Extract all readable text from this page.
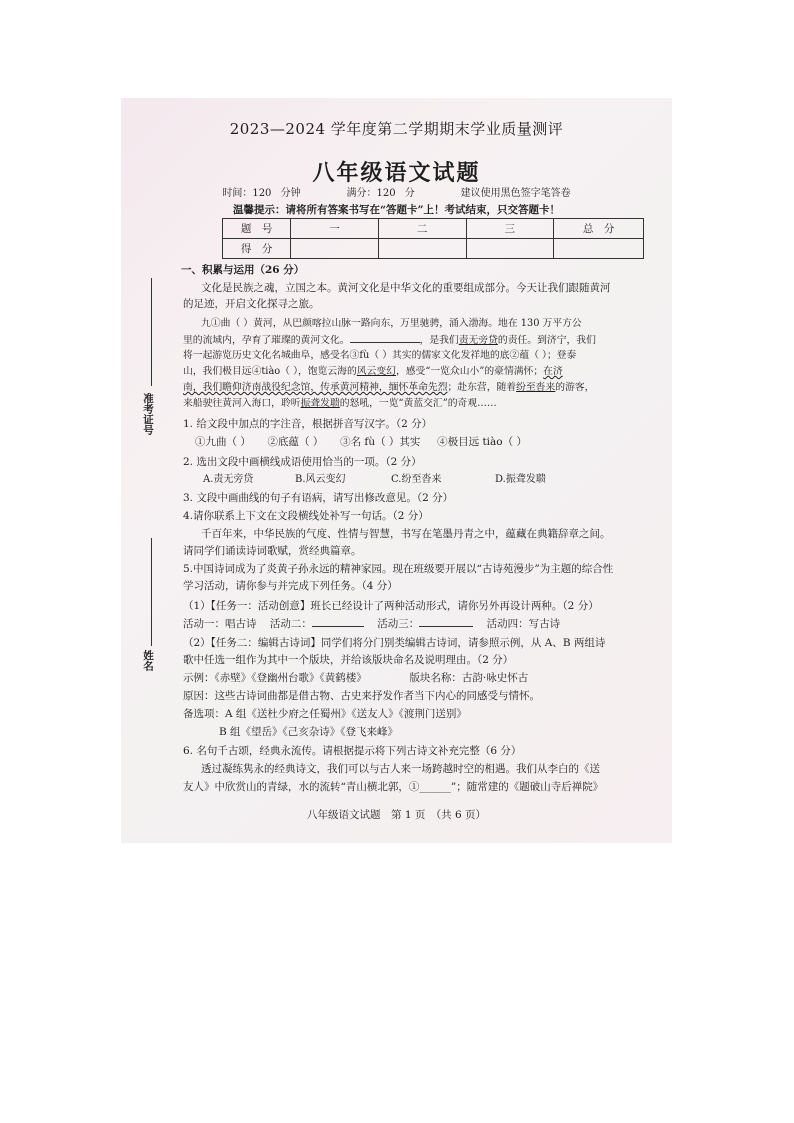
2023—2024 学年度第二学期期末学业质量测评
八年级语文试题
时间：120 分钟	满分：120 分	建议使用黑色签字笔答卷
温馨提示：请将所有答案书写在“答题卡”上！考试结束，只交答题卡！
题　号	一	二	三	总　分
得　分				
准考证号
姓名
一、积累与运用（26 分）
文化是民族之魂，立国之本。黄河文化是中华文化的重要组成部分。今天让我们跟随黄河
的足迹，开启文化探寻之旅。
九①曲（ ）黄河，从巴颜喀拉山脉一路向东，万里驰骋，涌入渤海。地在 130 万平方公
里的流域内，孕育了璀璨的黄河文化。	，是我们责无旁贷的责任。到济宁，我们
将一起游览历史文化名城曲阜，感受名③fù（ ）其实的儒家文化发祥地的底②蕴（ ）；登泰
山，我们极目远④tiào（ ），饱览云海的风云变幻，感受“一览众山小”的豪情满怀；在济
南，我们瞻仰济南战役纪念馆，传承黄河精神，缅怀革命先烈；赴东营，随着纷至沓来的游客，
来船驶往黄河入海口，聆听振聋发聩的怒吼，一览“黄蓝交汇”的奇观……
1. 给文段中加点的字注音，根据拼音写汉字。（2 分）
①九曲（ ） ②底蕴（ ） ③名 fù（ ）其实 ④极目远 tiào（ ）
2. 选出文段中画横线成语使用恰当的一项。（2 分）
A.责无旁贷	B.风云变幻	C.纷至沓来	D.振聋发聩
3. 文段中画曲线的句子有语病，请写出修改意见。（2 分）
4.请你联系上下文在文段横线处补写一句话。（2 分）
千百年来，中华民族的气度、性情与智慧，书写在笔墨丹青之中，蕴藏在典籍辞章之间。
请同学们诵读诗词歌赋，赏经典篇章。
5.中国诗词成为了炎黄子孙永远的精神家园。现在班级要开展以“古诗苑漫步”为主题的综合性
学习活动，请你参与并完成下列任务。（4 分）
（1）【任务一：活动创意】班长已经设计了两种活动形式，请你另外再设计两种。（2 分）
活动一：唱古诗 活动二：	活动三：	活动四：写古诗
（2）【任务二：编辑古诗词】同学们将分门别类编辑古诗词，请参照示例，从 A、B 两组诗
歌中任选一组作为其中一个版块，并给该版块命名及说明理由。（2 分）
示例：《赤壁》《登幽州台歌》《黄鹤楼》	版块名称：古韵·咏史怀古
原因：这些古诗词曲都是借古物、古史来抒发作者当下内心的同感受与情怀。
备选项：A 组《送杜少府之任蜀州》《送友人》《渡荆门送别》
B 组《望岳》《己亥杂诗》《登飞来峰》
6. 名句千古颂，经典永流传。请根据提示将下列古诗文补充完整（6 分）
透过凝练隽永的经典诗文，我们可以与古人来一场跨越时空的相遇。我们从李白的《送
友人》中欣赏山的青绿，水的流转“青山横北郭，①______”；随常建的《题破山寺后禅院》
八年级语文试题　第 1 页　（共 6 页）
